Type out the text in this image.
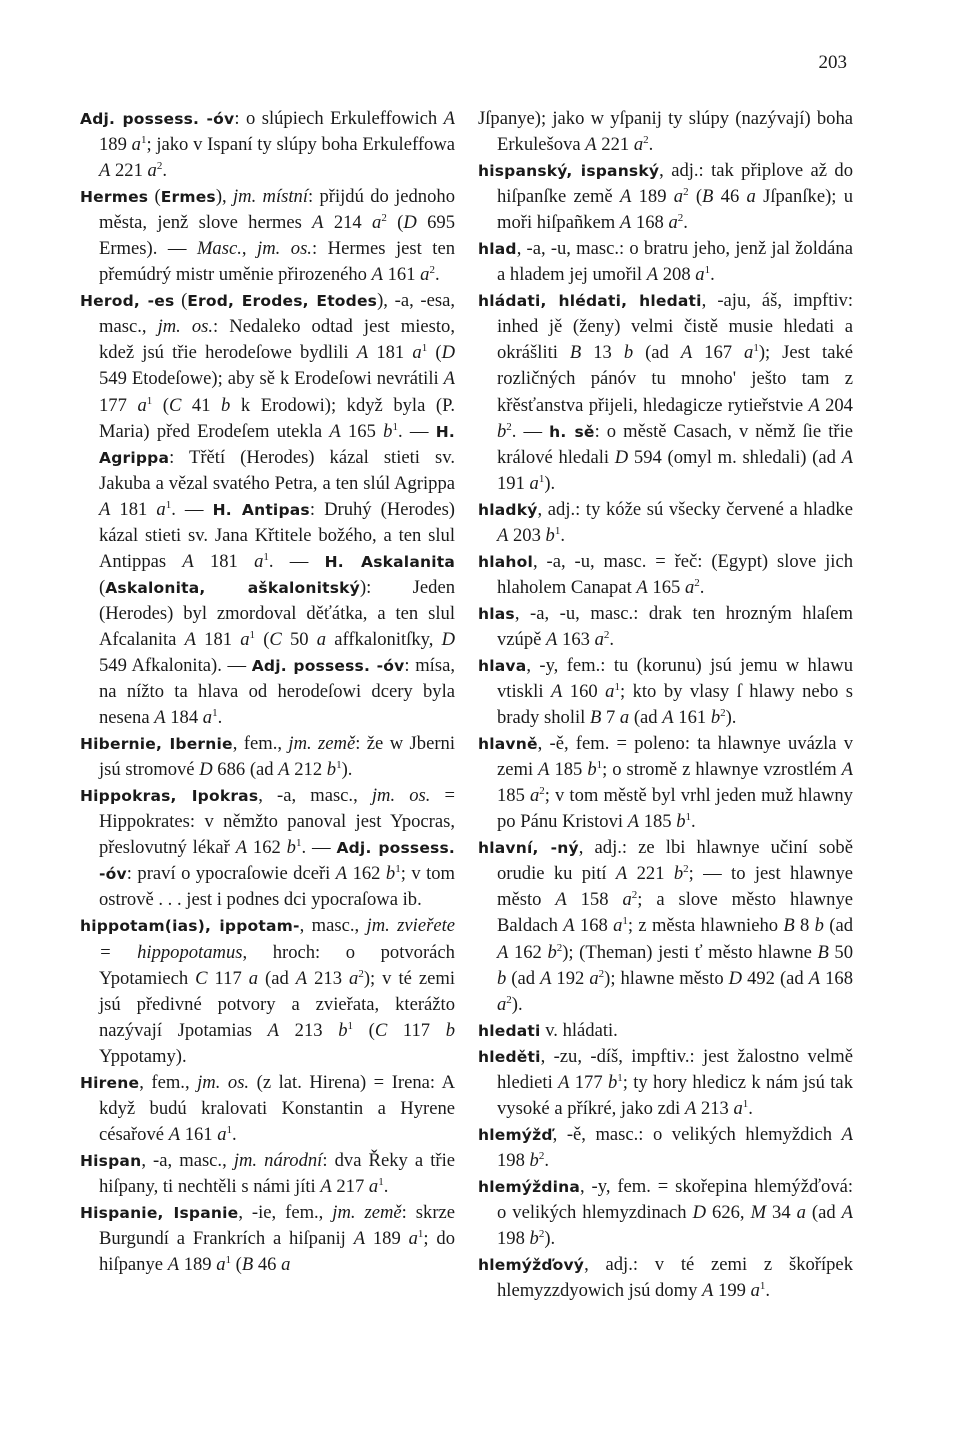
203

Adj. possess. -óv: o slúpiech Erkuleffowich A 189 $a^1$; jako v Ispaní ty slúpy boha Erkuleffowa A 221 $a^2$.

Hermes (Ermes), jm. místní: přijdú do jednoho města, jenž slove hermes A 214 $a^2$ (D 695 Ermes). — Masc., jm. os.: Hermes jest ten přemúdrý mistr uměnie přirozeného A 161 $a^2$.

Herod, -es (Erod, Erodes, Etodes), -a, -esa, masc., jm. os.: Nedaleko odtad jest miesto, kdež jsú třie herodeſowe bydlili A 181 $a^1$ (D 549 Etodeſowe); aby sě k Erodeſowi nevrátili A 177 $a^1$ (C 41 b k Erodowi); když byla (P. Maria) před Erodeſem utekla A 165 $b^1$. — H. Agrippa: Třětí (Herodes) kázal stieti sv. Jakuba a vězal svatého Petra, a ten slúl Agrippa A 181 $a^1$. — H. Antipas: Druhý (Herodes) kázal stieti sv. Jana Křtitele božého, a ten slul Antippas A 181 $a^1$. — H. Askalanita (Askalonita, aškalonitský): Jeden (Herodes) byl zmordoval děťátka, a ten slul Afcalanita A 181 $a^1$ (C 50 a affkalonitſky, D 549 Afkalonita). — Adj. possess. -óv: mísa, na nížto ta hlava od herodeſowi dcery byla nesena A 184 $a^1$.

Hibernie, Ibernie, fem., jm. země: že w Jberni jsú stromové D 686 (ad A 212 $b^1$).

Hippokras, Ipokras, -a, masc., jm. os. = Hippokrates: v němžto panoval jest Ypocras, přeslovutný lékař A 162 $b^1$. — Adj. possess. -óv: praví o ypocraſowie dceři A 162 $b^1$; v tom ostrově . . . jest i podnes dci ypocraſowa ib.

hippotam(ias), ippotam-, masc., jm. zvieřete = hippopotamus, hroch: o potvorách Ypotamiech C 117 a (ad A 213 $a^2$); v té zemi jsú předivné potvory a zvieřata, kterážto nazývají Jpotamias A 213 $b^1$ (C 117 b Yppotamy).

Hirene, fem., jm. os. (z lat. Hirena) = Irena: A když budú kralovati Konstantin a Hyrene césařové A 161 $a^1$.

Hispan, -a, masc., jm. národní: dva Řeky a třie hiſpany, ti nechtěli s námi jíti A 217 $a^1$.

Hispanie, Ispanie, -ie, fem., jm. země: skrze Burgundí a Frankrích a hiſpanij A 189 $a^1$; do hiſpanye A 189 $a^1$ (B 46 a

Jſpanye); jako w yſpanij ty slúpy (nazývají) boha Erkulešova A 221 $a^2$.

hispanský, ispanský, adj.: tak připlove až do hiſpanſke země A 189 $a^2$ (B 46 a Jſpanſke); u moři hiſpañkem A 168 $a^2$.

hlad, -a, -u, masc.: o bratru jeho, jenž jal žoldána a hladem jej umořil A 208 $a^1$.

hládati, hlédati, hledati, -aju, áš, impftiv: inhed jě (ženy) velmi čistě musie hledati a okrášliti B 13 b (ad A 167 $a^1$); Jest také rozličných pánóv tu mnoho' ještо tam z křěsťanstva přijeli, hledagicze rytieřstvie A 204 $b^2$. — h. sě: o městě Casach, v němž ſie třie králové hledali D 594 (omyl m. shledali) (ad A 191 $a^1$).

hladký, adj.: ty kóže sú všecky červené a hladke A 203 $b^1$.

hlahol, -a, -u, masc. = řeč: (Egypt) slove jich hlaholem Canapat A 165 $a^2$.

hlas, -a, -u, masc.: drak ten hrozným hlaſem vzúpě A 163 $a^2$.

hlava, -y, fem.: tu (korunu) jsú jemu w hlawu vtiskli A 160 $a^1$; kto by vlasy ſ hlawy nebo s brady sholil B 7 a (ad A 161 $b^2$).

hlavně, -ě, fem. = poleno: ta hlawnye uvázla v zemi A 185 $b^1$; o stromě z hlawnye vzrostlém A 185 $a^2$; v tom městě byl vrhl jeden muž hlawny po Pánu Kristovi A 185 $b^1$.

hlavní, -ný, adj.: ze lbi hlawnye učiní sobě orudie ku pití A 221 $b^2$; — to jest hlawnye město A 158 $a^2$; a slove město hlawnye Baldach A 168 $a^1$; z města hlawnieho B 8 b (ad A 162 $b^2$); (Theman) jesti ť město hlawne B 50 b (ad A 192 $a^2$); hlawne město D 492 (ad A 168 $a^2$).

hledati v. hládati.

hleděti, -zu, -díš, impftiv.: jest žalostno velmě hledieti A 177 $b^1$; ty hory hledicz k nám jsú tak vysoké a příkré, jako zdi A 213 $a^1$.

hlemýžď, -ě, masc.: o velikých hlemyždich A 198 $b^2$.

hlemýždina, -y, fem. = skořepina hlemýžďová: o velikých hlemyzdinach D 626, M 34 a (ad A 198 $b^2$).

hlemýžďový, adj.: v té zemi z škořípek hlemyzzdyowich jsú domy A 199 $a^1$.
